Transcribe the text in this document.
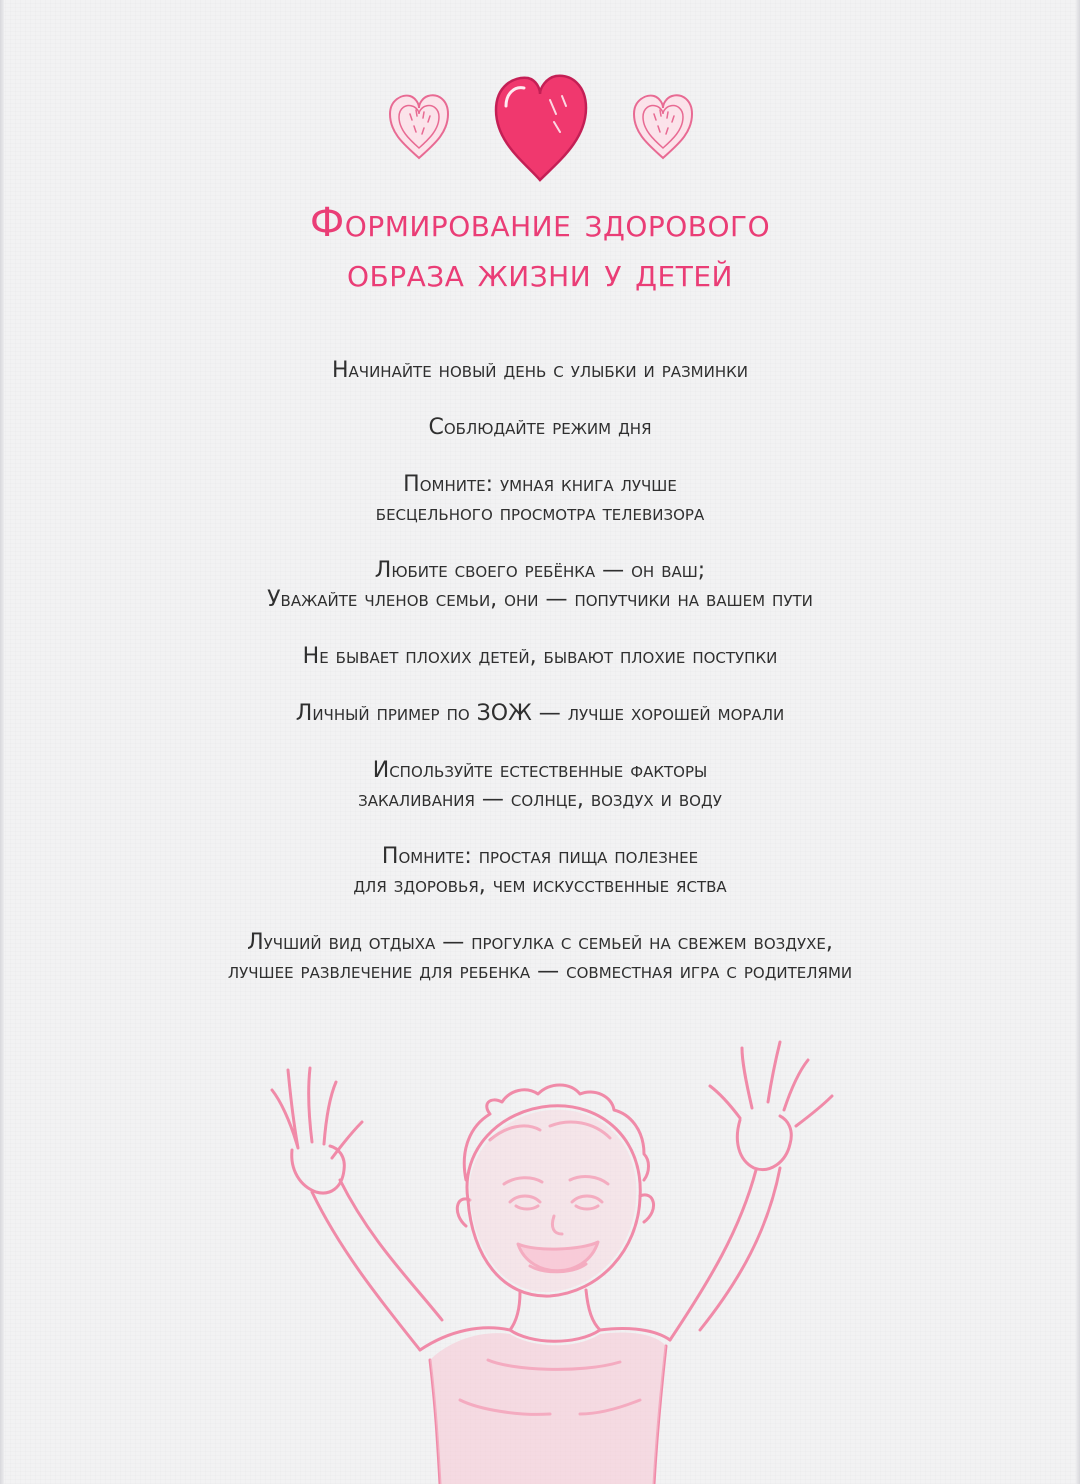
Формирование здорового
образа жизни у детей

Начинайте новый день с улыбки и разминки

Соблюдайте режим дня

Помните: умная книга лучше
бесцельного просмотра телевизора

Любите своего ребёнка — он ваш;
Уважайте членов семьи, они — попутчики на вашем пути

Не бывает плохих детей, бывают плохие поступки

Личный пример по ЗОЖ — лучше хорошей морали

Используйте естественные факторы
закаливания — солнце, воздух и воду

Помните: простая пища полезнее
для здоровья, чем искусственные яства

Лучший вид отдыха — прогулка с семьей на свежем воздухе,
лучшее развлечение для ребенка — совместная игра с родителями
